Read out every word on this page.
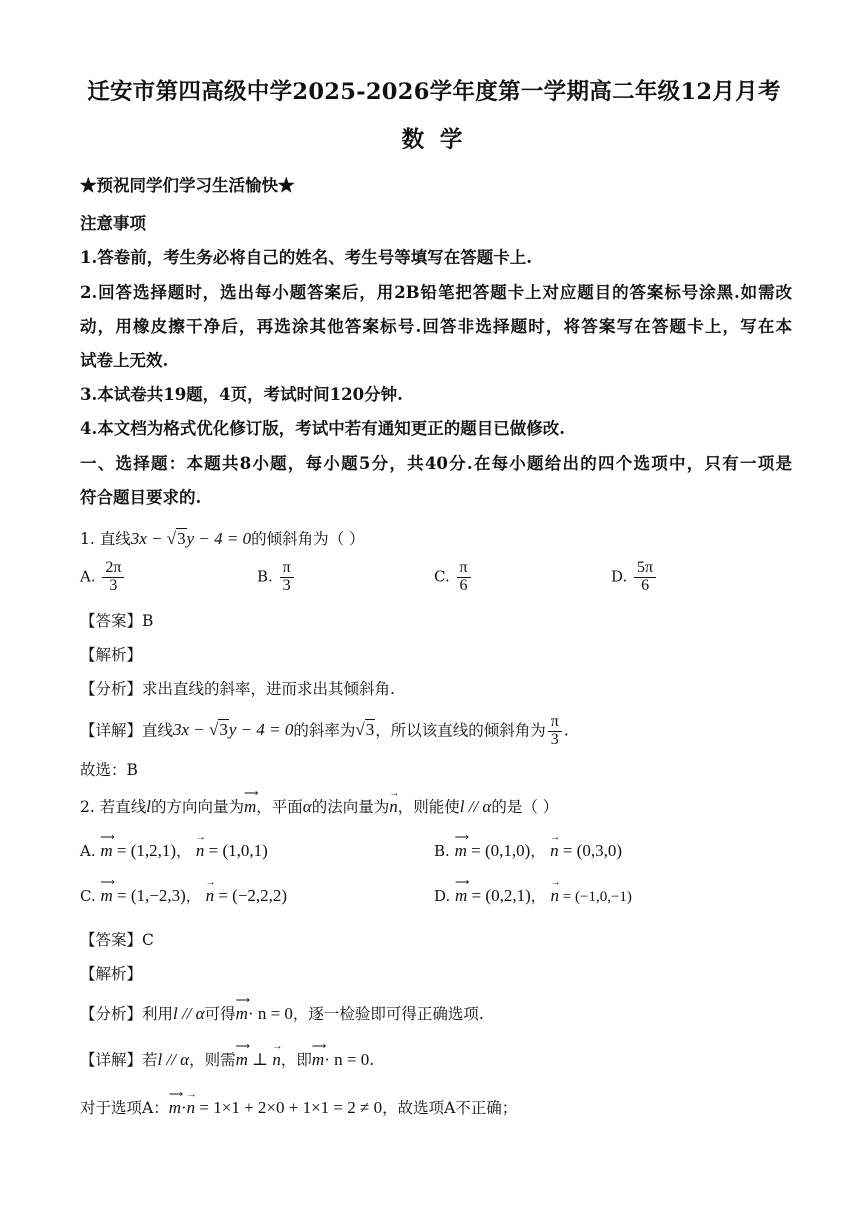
迁安市第四高级中学2025-2026学年度第一学期高二年级12月月考
数 学
★预祝同学们学习生活愉快★
注意事项
1.答卷前，考生务必将自己的姓名、考生号等填写在答题卡上.
2.回答选择题时，选出每小题答案后，用2B铅笔把答题卡上对应题目的答案标号涂黑.如需改
动，用橡皮擦干净后，再选涂其他答案标号.回答非选择题时，将答案写在答题卡上，写在本
试卷上无效.
3.本试卷共19题，4页，考试时间120分钟.
4.本文档为格式优化修订版，考试中若有通知更正的题目已做修改.
一、选择题：本题共8小题，每小题5分，共40分.在每小题给出的四个选项中，只有一项是
符合题目要求的.
1. 直线3x − √3y − 4 = 0的倾斜角为（ ）
A. $\frac{2\pi}{3}$	B. $\frac{\pi}{3}$	C. $\frac{\pi}{6}$	D. $\frac{5\pi}{6}$
【答案】B
【解析】
【分析】求出直线的斜率，进而求出其倾斜角.
【详解】直线3x − √3y − 4 = 0的斜率为√3，所以该直线的倾斜角为 $\frac{\pi}{3}$ .
故选：B
2. 若直线l的方向向量为⟶ m，平面α的法向量为→ n，则能使l // α的是（ ）
A. ⟶ m = (1,2,1)， → n = (1,0,1)	B. ⟶ m = (0,1,0)， → n = (0,3,0)
C. ⟶ m = (1,−2,3)， → n = (−2,2,2)	D. ⟶ m = (0,2,1)， → n = (−1,0,−1)
【答案】C
【解析】
【分析】利用l // α可得⟶ m· n = 0，逐一检验即可得正确选项.
【详解】若l // α，则需⟶ m ⊥ → n，即⟶ m· n = 0.
对于选项A：⟶ m·→ n = 1×1 + 2×0 + 1×1 = 2 ≠ 0，故选项A不正确；
